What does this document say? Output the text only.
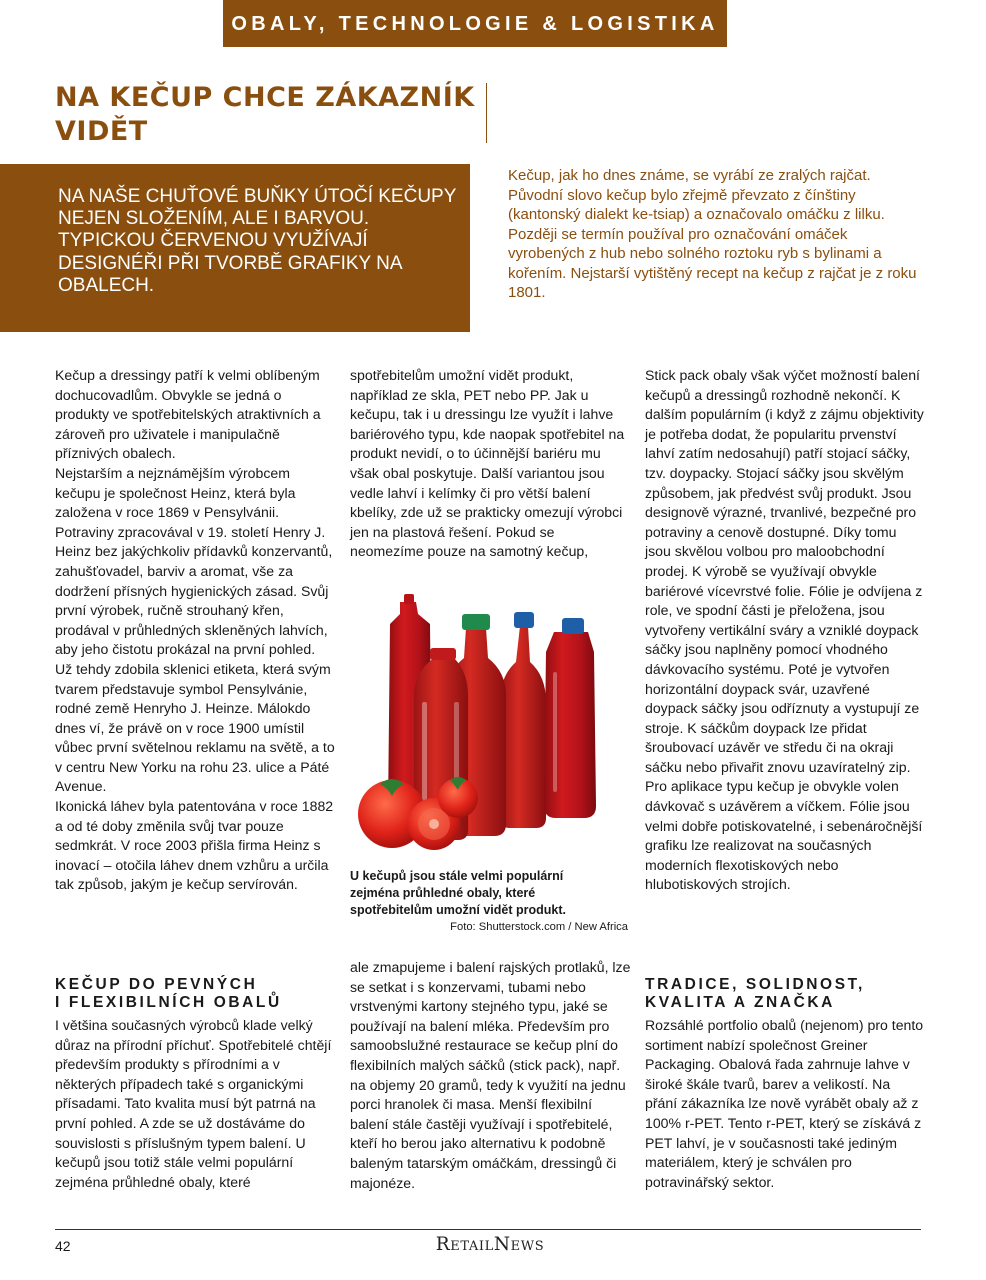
OBALY, TECHNOLOGIE & LOGISTIKA
NA KEČUP CHCE ZÁKAZNÍK VIDĚT

NA NAŠE CHUŤOVÉ BUŇKY ÚTOČÍ KEČUPY NEJEN SLOŽENÍM, ALE I BARVOU. TYPICKOU ČERVENOU VYUŽÍVAJÍ DESIGNÉŘI PŘI TVORBĚ GRAFIKY NA OBALECH.

Kečup, jak ho dnes známe, se vyrábí ze zralých rajčat. Původní slovo kečup bylo zřejmě převzato z čínštiny (kantonský dialekt ke-tsiap) a označovalo omáčku z lilku. Později se termín používal pro označování omáček vyrobených z hub nebo solného roztoku ryb s bylinami a kořením. Nejstarší vytištěný recept na kečup z rajčat je z roku 1801.

Kečup a dressingy patří k velmi oblíbeným dochucovadlům. Obvykle se jedná o produkty ve spotřebitelských atraktivních a zároveň pro uživatele i manipulačně příznivých obalech.

Nejstarším a nejznámějším výrobcem kečupu je společnost Heinz, která byla založena v roce 1869 v Pensylvánii. Potraviny zpracovával v 19. století Henry J. Heinz bez jakýchkoliv přídavků konzervantů, zahušťovadel, barviv a aromat, vše za dodržení přísných hygienických zásad. Svůj první výrobek, ručně strouhaný křen, prodával v průhledných skleněných lahvích, aby jeho čistotu prokázal na první pohled. Už tehdy zdobila sklenici etiketa, která svým tvarem představuje symbol Pensylvánie, rodné země Henryho J. Heinze. Málokdo dnes ví, že právě on v roce 1900 umístil vůbec první světelnou reklamu na světě, a to v centru New Yorku na rohu 23. ulice a Páté Avenue.

Ikonická láhev byla patentována v roce 1882 a od té doby změnila svůj tvar pouze sedmkrát. V roce 2003 přišla firma Heinz s inovací – otočila láhev dnem vzhůru a určila tak způsob, jakým je kečup servírován.

spotřebitelům umožní vidět produkt, například ze skla, PET nebo PP. Jak u kečupu, tak i u dressingu lze využít i lahve bariérového typu, kde naopak spotřebitel na produkt nevidí, o to účinnější bariéru mu však obal poskytuje. Další variantou jsou vedle lahví i kelímky či pro větší balení kbelíky, zde už se prakticky omezují výrobci jen na plastová řešení. Pokud se neomezíme pouze na samotný kečup,

U kečupů jsou stále velmi populární zejména průhledné obaly, které spotřebitelům umožní vidět produkt.

Foto: Shutterstock.com / New Africa

Stick pack obaly však výčet možností balení kečupů a dressingů rozhodně nekončí. K dalším populárním (i když z zájmu objektivity je potřeba dodat, že popularitu prvenství lahví zatím nedosahují) patří stojací sáčky, tzv. doypacky. Stojací sáčky jsou skvělým způsobem, jak předvést svůj produkt. Jsou designově výrazné, trvanlivé, bezpečné pro potraviny a cenově dostupné. Díky tomu jsou skvělou volbou pro maloobchodní prodej. K výrobě se využívají obvykle bariérové vícevrstvé folie. Fólie je odvíjena z role, ve spodní části je přeložena, jsou vytvořeny vertikální sváry a vzniklé doypack sáčky jsou naplněny pomocí vhodného dávkovacího systému. Poté je vytvořen horizontální doypack svár, uzavřené doypack sáčky jsou odříznuty a vystupují ze stroje. K sáčkům doypack lze přidat šroubovací uzávěr ve středu či na okraji sáčku nebo přivařit znovu uzavíratelný zip. Pro aplikace typu kečup je obvykle volen dávkovač s uzávěrem a víčkem. Fólie jsou velmi dobře potiskovatelné, i sebenáročnější grafiku lze realizovat na současných moderních flexotiskových nebo hlubotiskových strojích.

KEČUP DO PEVNÝCH
I FLEXIBILNÍCH OBALŮ

I většina současných výrobců klade velký důraz na přírodní příchuť. Spotřebitelé chtějí především produkty s přírodními a v některých případech také s organickými přísadami. Tato kvalita musí být patrná na první pohled. A zde se už dostáváme do souvislosti s příslušným typem balení. U kečupů jsou totiž stále velmi populární zejména průhledné obaly, které

ale zmapujeme i balení rajských protlaků, lze se setkat i s konzervami, tubami nebo vrstvenými kartony stejného typu, jaké se používají na balení mléka. Především pro samoobslužné restaurace se kečup plní do flexibilních malých sáčků (stick pack), např. na objemy 20 gramů, tedy k využití na jednu porci hranolek či masa. Menší flexibilní balení stále častěji využívají i spotřebitelé, kteří ho berou jako alternativu k podobně baleným tatarským omáčkám, dressingů či majonéze.

TRADICE, SOLIDNOST,
KVALITA A ZNAČKA

Rozsáhlé portfolio obalů (nejenom) pro tento sortiment nabízí společnost Greiner Packaging. Obalová řada zahrnuje lahve v široké škále tvarů, barev a velikostí. Na přání zákazníka lze nově vyrábět obaly až z 100% r-PET. Tento r-PET, který se získává z PET lahví, je v současnosti také jediným materiálem, který je schválen pro potravinářský sektor.

42	RetailNews
